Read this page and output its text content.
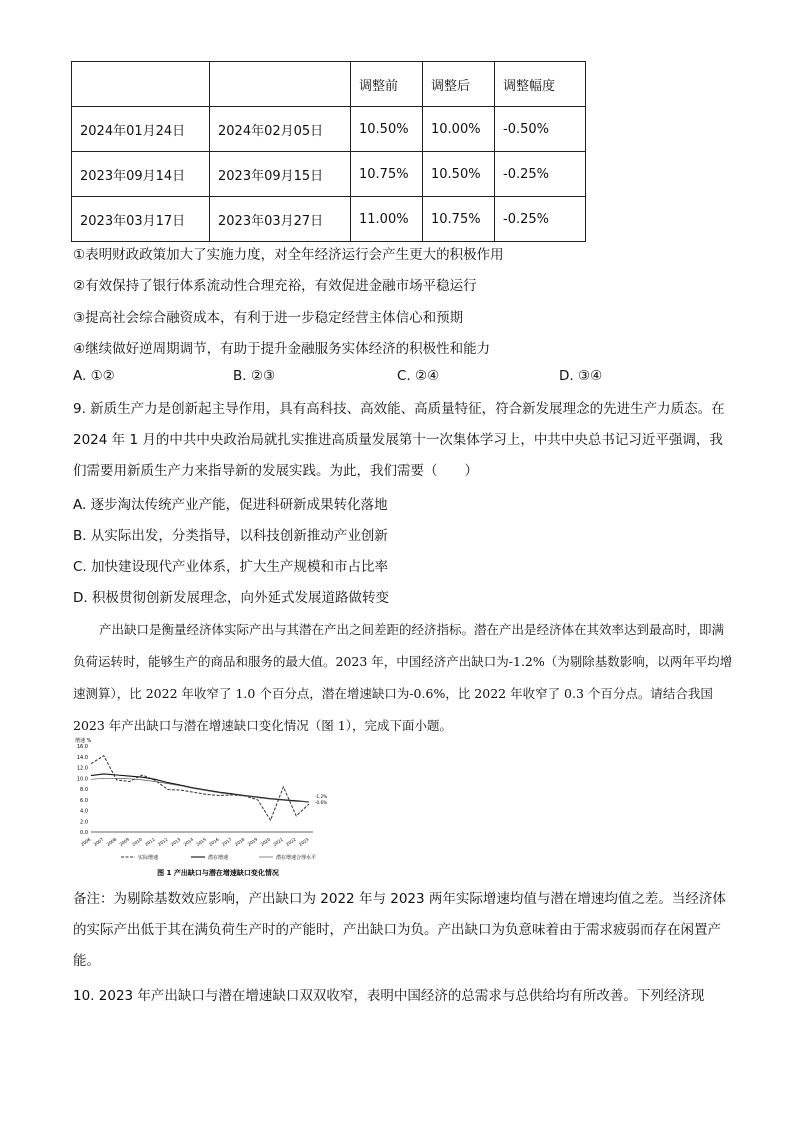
		调整前	调整后	调整幅度
2024年01月24日	2024年02月05日	10.50%	10.00%	-0.50%
2023年09月14日	2023年09月15日	10.75%	10.50%	-0.25%
2023年03月17日	2023年03月27日	11.00%	10.75%	-0.25%
①表明财政政策加大了实施力度，对全年经济运行会产生更大的积极作用
②有效保持了银行体系流动性合理充裕，有效促进金融市场平稳运行
③提高社会综合融资成本，有利于进一步稳定经营主体信心和预期
④继续做好逆周期调节，有助于提升金融服务实体经济的积极性和能力
A. ①②	B. ②③	C. ②④	D. ③④
9. 新质生产力是创新起主导作用，具有高科技、高效能、高质量特征，符合新发展理念的先进生产力质态。在 2024 年 1 月的中共中央政治局就扎实推进高质量发展第十一次集体学习上，中共中央总书记习近平强调，我们需要用新质生产力来指导新的发展实践。为此，我们需要（　　）
A. 逐步淘汰传统产业产能，促进科研新成果转化落地
B. 从实际出发，分类指导，以科技创新推动产业创新
C. 加快建设现代产业体系，扩大生产规模和市占比率
D. 积极贯彻创新发展理念，向外延式发展道路做转变
产出缺口是衡量经济体实际产出与其潜在产出之间差距的经济指标。潜在产出是经济体在其效率达到最高时，即满负荷运转时，能够生产的商品和服务的最大值。2023 年，中国经济产出缺口为-1.2%（为剔除基数影响，以两年平均增速测算），比 2022 年收窄了 1.0 个百分点，潜在增速缺口为-0.6%，比 2022 年收窄了 0.3 个百分点。请结合我国 2023 年产出缺口与潜在增速缺口变化情况（图 1），完成下面小题。
增速 %
0.0
2.0
4.0
6.0
8.0
10.0
12.0
14.0
16.0
2006 2007 2008 2009 2010 2011 2012 2013 2014 2015 2016 2017 2018 2019 2020 2021 2022 2023
-1.2%
-0.6%
实际增速	潜在增速	潜在增速合理水平
图 1 产出缺口与潜在增速缺口变化情况
备注：为剔除基数效应影响，产出缺口为 2022 年与 2023 两年实际增速均值与潜在增速均值之差。当经济体的实际产出低于其在满负荷生产时的产能时，产出缺口为负。产出缺口为负意味着由于需求疲弱而存在闲置产能。
10. 2023 年产出缺口与潜在增速缺口双双收窄，表明中国经济的总需求与总供给均有所改善。下列经济现
